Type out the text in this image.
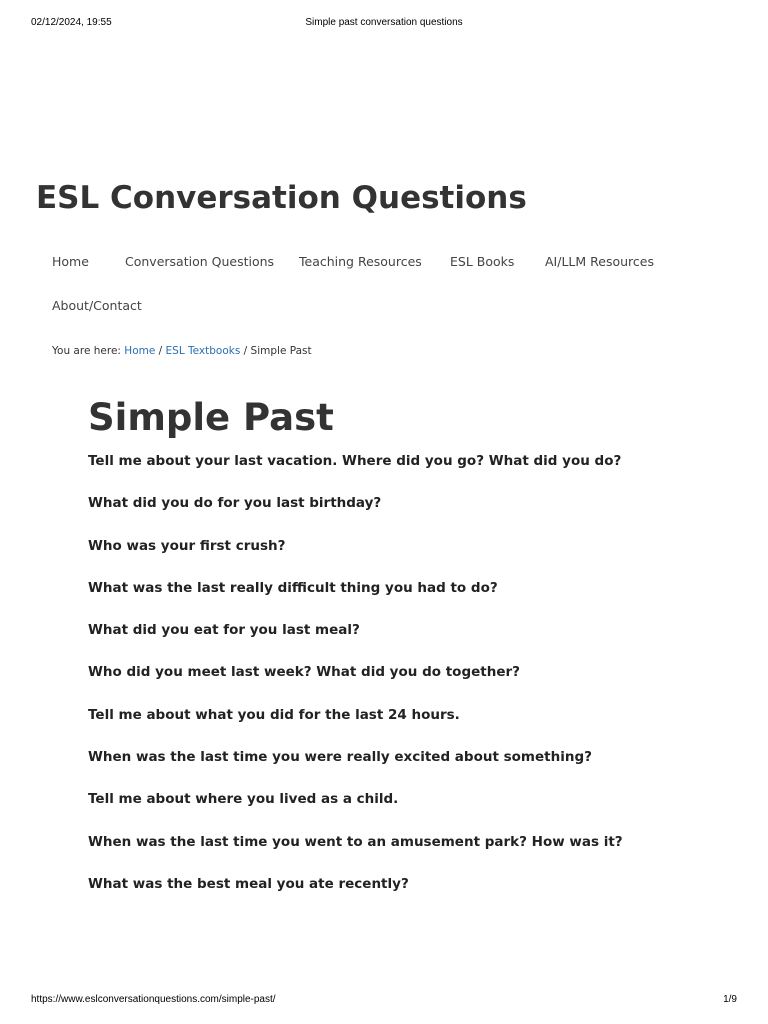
02/12/2024, 19:55	Simple past conversation questions
ESL Conversation Questions
Home	Conversation Questions Teaching Resources ESL Books AI/LLM Resources
About/Contact
You are here: Home / ESL Textbooks / Simple Past
Simple Past
Tell me about your last vacation. Where did you go? What did you do?
What did you do for you last birthday?
Who was your first crush?
What was the last really difficult thing you had to do?
What did you eat for you last meal?
Who did you meet last week? What did you do together?
Tell me about what you did for the last 24 hours.
When was the last time you were really excited about something?
Tell me about where you lived as a child.
When was the last time you went to an amusement park? How was it?
What was the best meal you ate recently?
https://www.eslconversationquestions.com/simple-past/	1/9
